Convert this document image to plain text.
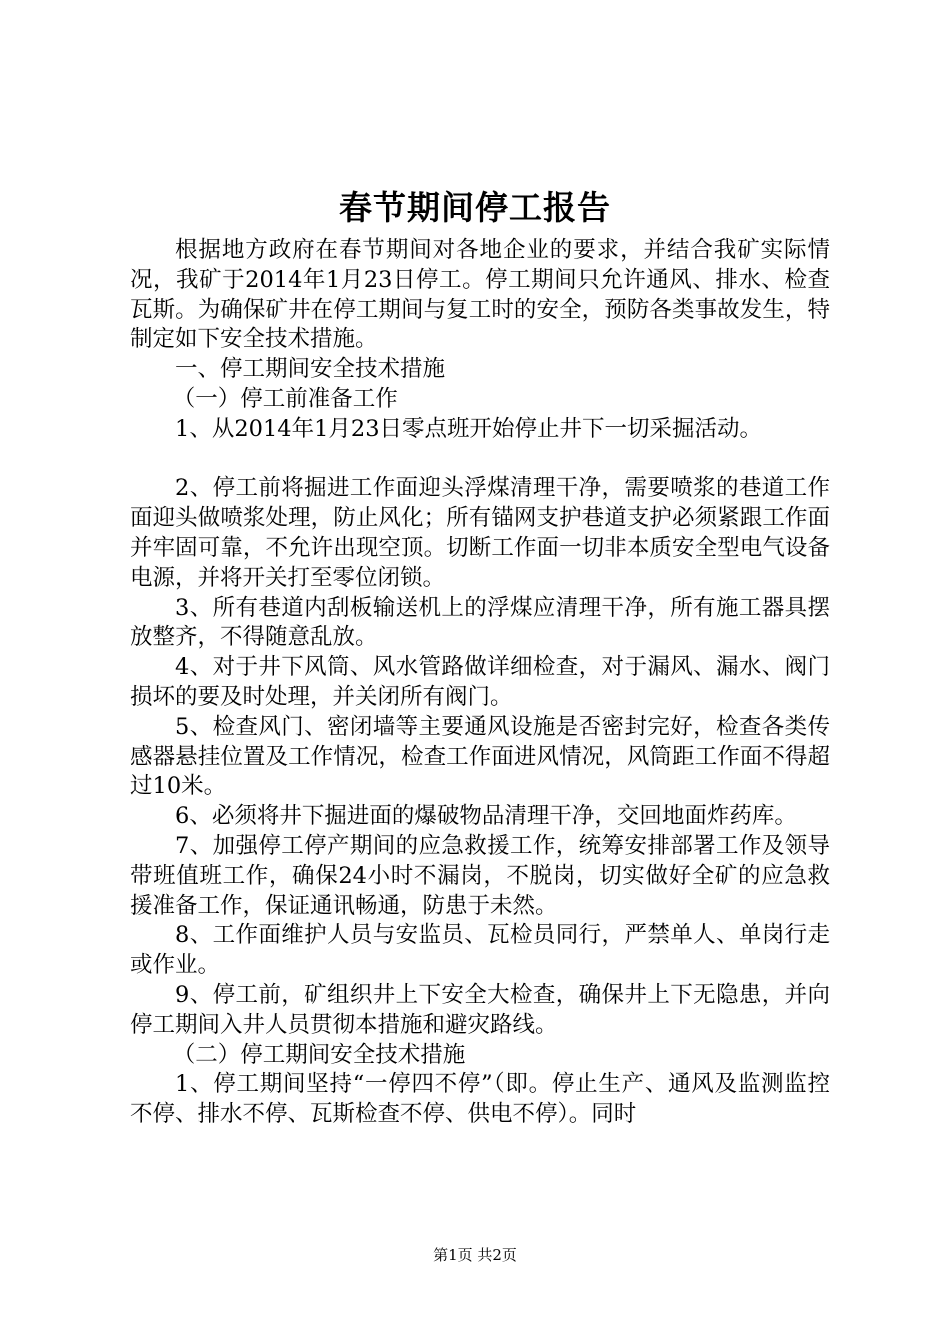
春节期间停工报告

根据地方政府在春节期间对各地企业的要求，并结合我矿实际情况，我矿于2014年1月23日停工。停工期间只允许通风、排水、检查瓦斯。为确保矿井在停工期间与复工时的安全，预防各类事故发生，特制定如下安全技术措施。

一、停工期间安全技术措施

（一）停工前准备工作

1、从2014年1月23日零点班开始停止井下一切采掘活动。

2、停工前将掘进工作面迎头浮煤清理干净，需要喷浆的巷道工作面迎头做喷浆处理，防止风化；所有锚网支护巷道支护必须紧跟工作面并牢固可靠，不允许出现空顶。切断工作面一切非本质安全型电气设备电源，并将开关打至零位闭锁。

3、所有巷道内刮板输送机上的浮煤应清理干净，所有施工器具摆放整齐，不得随意乱放。

4、对于井下风筒、风水管路做详细检查，对于漏风、漏水、阀门损坏的要及时处理，并关闭所有阀门。

5、检查风门、密闭墙等主要通风设施是否密封完好，检查各类传感器悬挂位置及工作情况，检查工作面进风情况，风筒距工作面不得超过10米。

6、必须将井下掘进面的爆破物品清理干净，交回地面炸药库。

7、加强停工停产期间的应急救援工作，统筹安排部署工作及领导带班值班工作，确保24小时不漏岗，不脱岗，切实做好全矿的应急救援准备工作，保证通讯畅通，防患于未然。

8、工作面维护人员与安监员、瓦检员同行，严禁单人、单岗行走或作业。

9、停工前，矿组织井上下安全大检查，确保井上下无隐患，并向停工期间入井人员贯彻本措施和避灾路线。

（二）停工期间安全技术措施

1、停工期间坚持“一停四不停”（即。停止生产、通风及监测监控不停、排水不停、瓦斯检查不停、供电不停）。同时

第1页 共2页
